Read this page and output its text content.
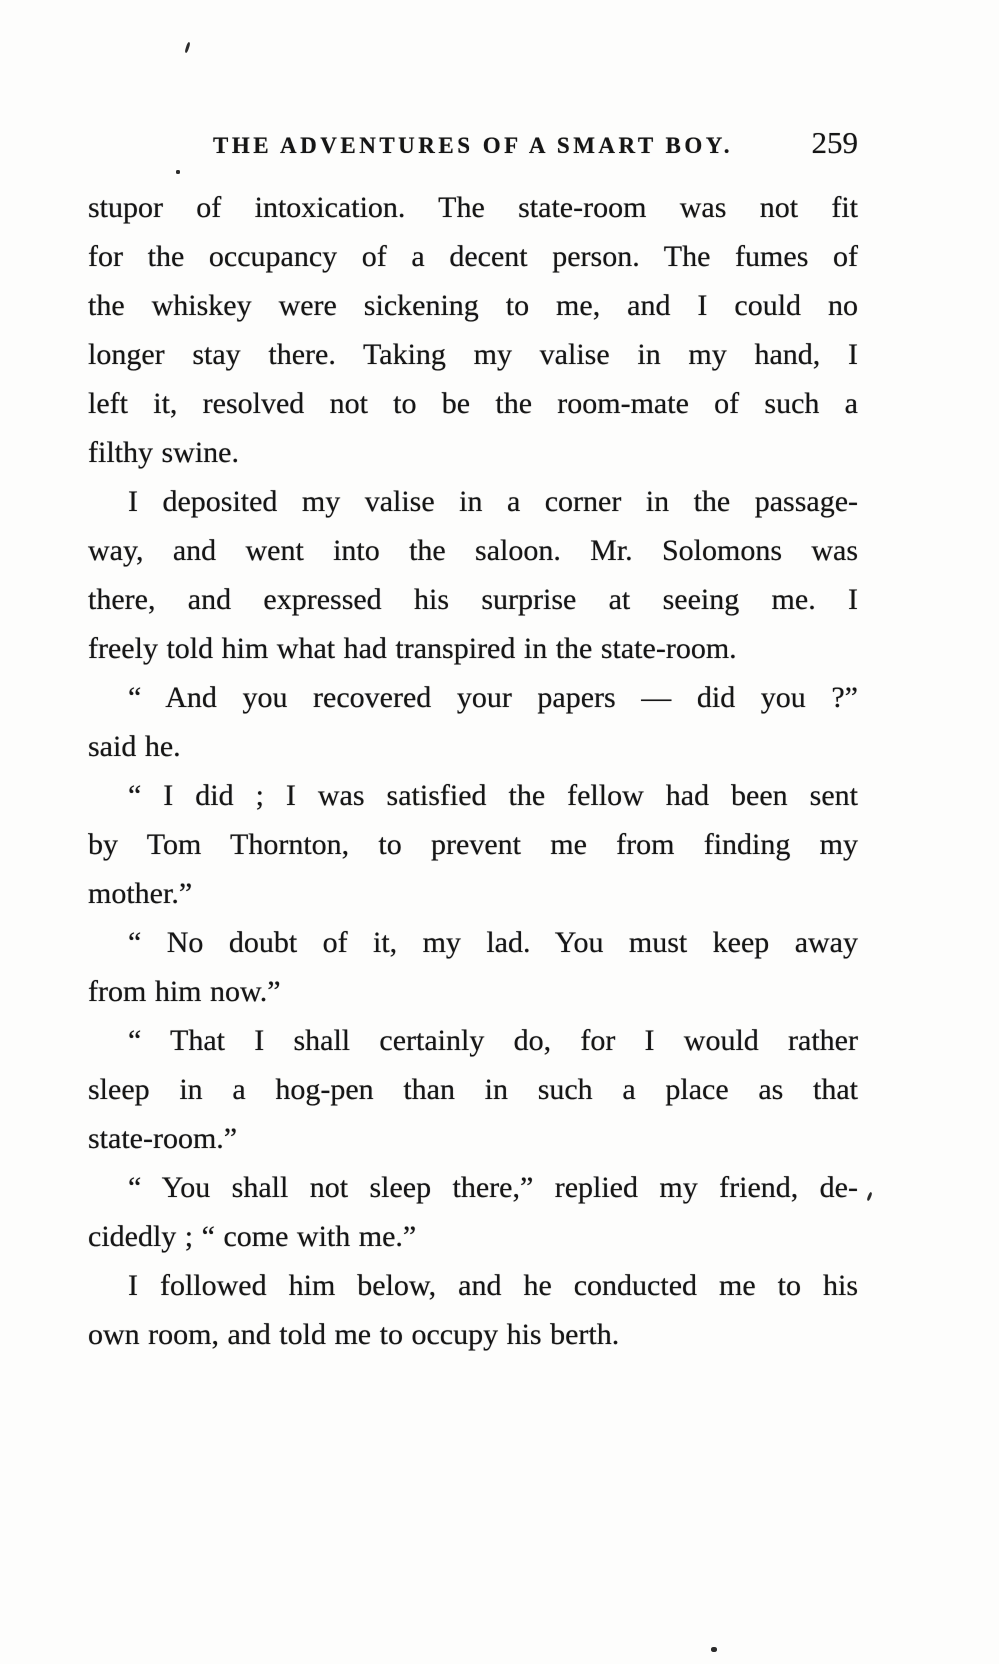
THE ADVENTURES OF A SMART BOY.	259
stupor of intoxication. The state-room was not fit
for the occupancy of a decent person. The fumes of
the whiskey were sickening to me, and I could no
longer stay there. Taking my valise in my hand, I
left it, resolved not to be the room-mate of such a
filthy swine.
I deposited my valise in a corner in the passage-
way, and went into the saloon. Mr. Solomons was
there, and expressed his surprise at seeing me. I
freely told him what had transpired in the state-room.
“ And you recovered your papers — did you ?”
said he.
“ I did ; I was satisfied the fellow had been sent
by Tom Thornton, to prevent me from finding my
mother.”
“ No doubt of it, my lad. You must keep away
from him now.”
“ That I shall certainly do, for I would rather
sleep in a hog-pen than in such a place as that
state-room.”
“ You shall not sleep there,” replied my friend, de-
cidedly ; “ come with me.”
I followed him below, and he conducted me to his
own room, and told me to occupy his berth.
